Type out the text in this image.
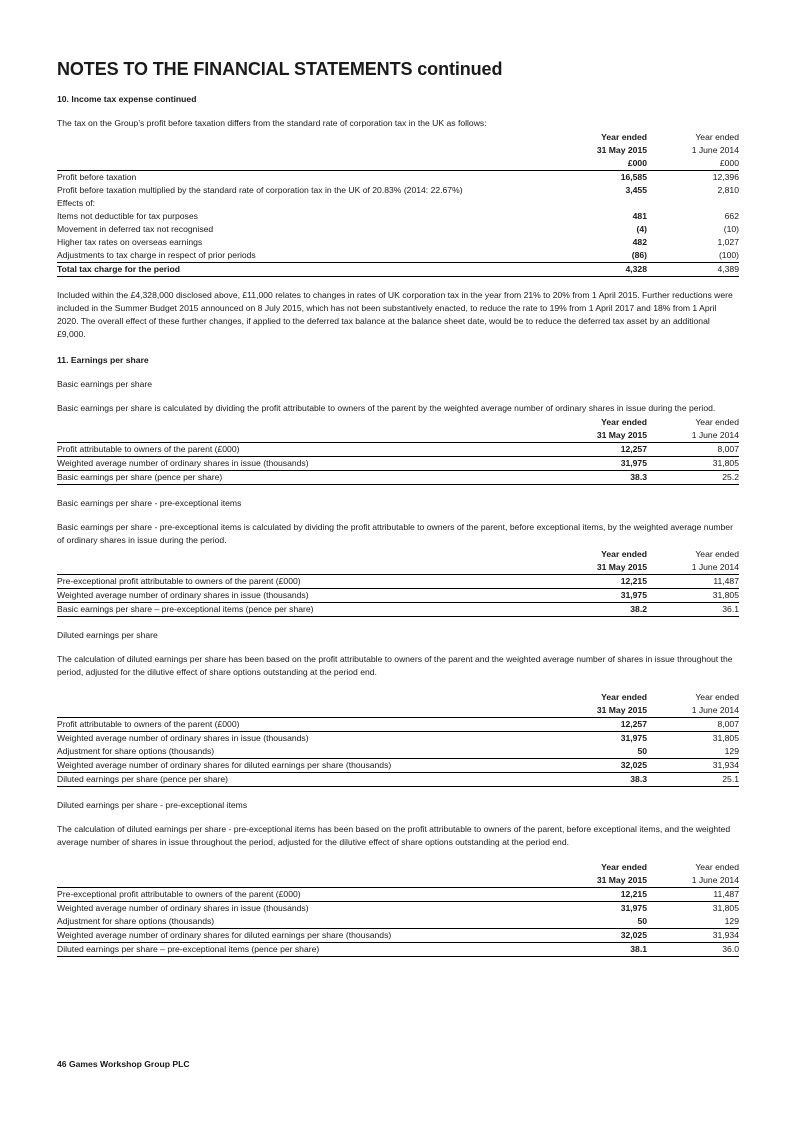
NOTES TO THE FINANCIAL STATEMENTS continued
10. Income tax expense continued
The tax on the Group’s profit before taxation differs from the standard rate of corporation tax in the UK as follows:
	Year ended	Year ended
	31 May 2015	1 June 2014
	£000	£000
Profit before taxation	16,585	12,396
Profit before taxation multiplied by the standard rate of corporation tax in the UK of 20.83% (2014: 22.67%)	3,455	2,810
Effects of:		
Items not deductible for tax purposes	481	662
Movement in deferred tax not recognised	(4)	(10)
Higher tax rates on overseas earnings	482	1,027
Adjustments to tax charge in respect of prior periods	(86)	(100)
Total tax charge for the period	4,328	4,389
Included within the £4,328,000 disclosed above, £11,000 relates to changes in rates of UK corporation tax in the year from 21% to 20% from 1 April 2015. Further reductions were included in the Summer Budget 2015 announced on 8 July 2015, which has not been substantively enacted, to reduce the rate to 19% from 1 April 2017 and 18% from 1 April 2020. The overall effect of these further changes, if applied to the deferred tax balance at the balance sheet date, would be to reduce the deferred tax asset by an additional £9,000.
11. Earnings per share
Basic earnings per share
Basic earnings per share is calculated by dividing the profit attributable to owners of the parent by the weighted average number of ordinary shares in issue during the period.
	Year ended	Year ended
	31 May 2015	1 June 2014
Profit attributable to owners of the parent (£000)	12,257	8,007
Weighted average number of ordinary shares in issue (thousands)	31,975	31,805
Basic earnings per share (pence per share)	38.3	25.2
Basic earnings per share - pre-exceptional items
Basic earnings per share - pre-exceptional items is calculated by dividing the profit attributable to owners of the parent, before exceptional items, by the weighted average number of ordinary shares in issue during the period.
	Year ended	Year ended
	31 May 2015	1 June 2014
Pre-exceptional profit attributable to owners of the parent (£000)	12,215	11,487
Weighted average number of ordinary shares in issue (thousands)	31,975	31,805
Basic earnings per share – pre-exceptional items (pence per share)	38.2	36.1
Diluted earnings per share
The calculation of diluted earnings per share has been based on the profit attributable to owners of the parent and the weighted average number of shares in issue throughout the period, adjusted for the dilutive effect of share options outstanding at the period end.
	Year ended	Year ended
	31 May 2015	1 June 2014
Profit attributable to owners of the parent (£000)	12,257	8,007
Weighted average number of ordinary shares in issue (thousands)	31,975	31,805
Adjustment for share options (thousands)	50	129
Weighted average number of ordinary shares for diluted earnings per share (thousands)	32,025	31,934
Diluted earnings per share (pence per share)	38.3	25.1
Diluted earnings per share - pre-exceptional items
The calculation of diluted earnings per share - pre-exceptional items has been based on the profit attributable to owners of the parent, before exceptional items, and the weighted average number of shares in issue throughout the period, adjusted for the dilutive effect of share options outstanding at the period end.
	Year ended	Year ended
	31 May 2015	1 June 2014
Pre-exceptional profit attributable to owners of the parent (£000)	12,215	11,487
Weighted average number of ordinary shares in issue (thousands)	31,975	31,805
Adjustment for share options (thousands)	50	129
Weighted average number of ordinary shares for diluted earnings per share (thousands)	32,025	31,934
Diluted earnings per share – pre-exceptional items (pence per share)	38.1	36.0
46 Games Workshop Group PLC
